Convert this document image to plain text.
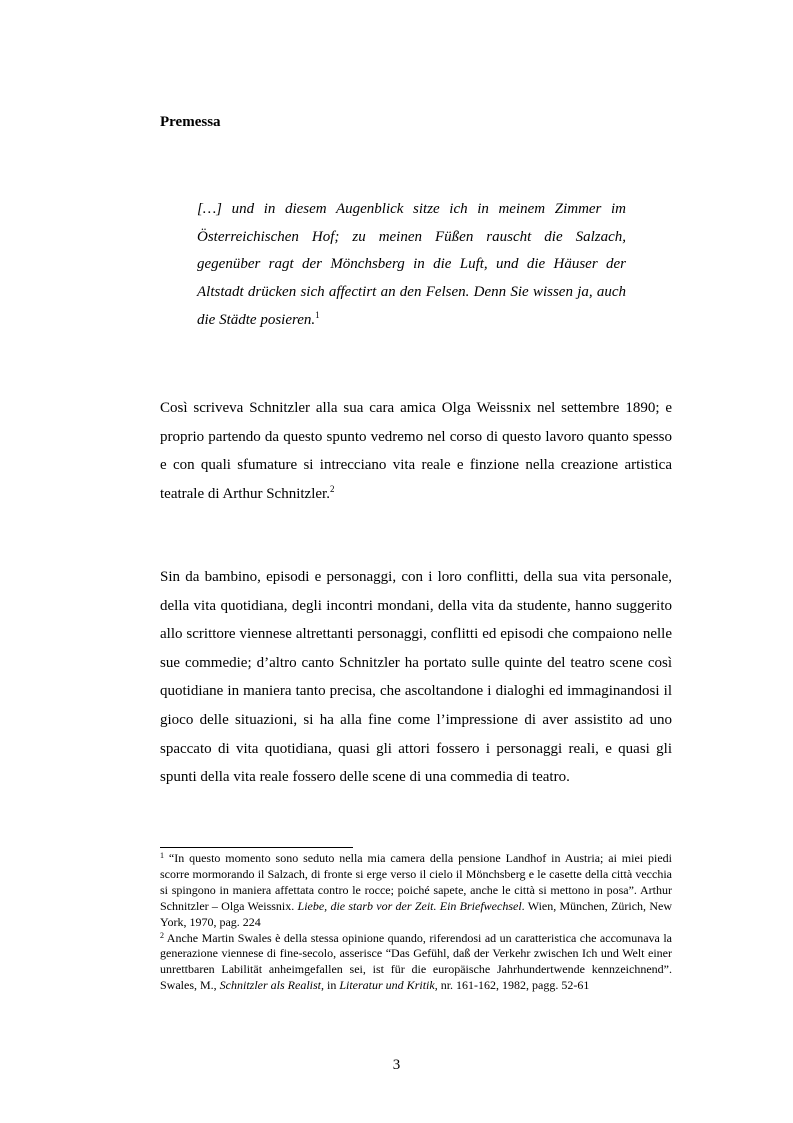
Premessa
[…] und in diesem Augenblick sitze ich in meinem Zimmer im Österreichischen Hof; zu meinen Füßen rauscht die Salzach, gegenüber ragt der Mönchsberg in die Luft, und die Häuser der Altstadt drücken sich affectirt an den Felsen. Denn Sie wissen ja, auch die Städte posieren.$^1$
Così scriveva Schnitzler alla sua cara amica Olga Weissnix nel settembre 1890; e proprio partendo da questo spunto vedremo nel corso di questo lavoro quanto spesso e con quali sfumature si intrecciano vita reale e finzione nella creazione artistica teatrale di Arthur Schnitzler.$^2$
Sin da bambino, episodi e personaggi, con i loro conflitti, della sua vita personale, della vita quotidiana, degli incontri mondani, della vita da studente, hanno suggerito allo scrittore viennese altrettanti personaggi, conflitti ed episodi che compaiono nelle sue commedie; d’altro canto Schnitzler ha portato sulle quinte del teatro scene così quotidiane in maniera tanto precisa, che ascoltandone i dialoghi ed immaginandosi il gioco delle situazioni, si ha alla fine come l’impressione di aver assistito ad uno spaccato di vita quotidiana, quasi gli attori fossero i personaggi reali, e quasi gli spunti della vita reale fossero delle scene di una commedia di teatro.

$^1$ “In questo momento sono seduto nella mia camera della pensione Landhof in Austria; ai miei piedi scorre mormorando il Salzach, di fronte si erge verso il cielo il Mönchsberg e le casette della città vecchia si spingono in maniera affettata contro le rocce; poiché sapete, anche le città si mettono in posa”. Arthur Schnitzler – Olga Weissnix. Liebe, die starb vor der Zeit. Ein Briefwechsel. Wien, München, Zürich, New York, 1970, pag. 224

$^2$ Anche Martin Swales è della stessa opinione quando, riferendosi ad un caratteristica che accomunava la generazione viennese di fine-secolo, asserisce “Das Gefühl, daß der Verkehr zwischen Ich und Welt einer unrettbaren Labilität anheimgefallen sei, ist für die europäische Jahrhundertwende kennzeichnend”. Swales, M., Schnitzler als Realist, in Literatur und Kritik, nr. 161-162, 1982, pagg. 52-61

3
